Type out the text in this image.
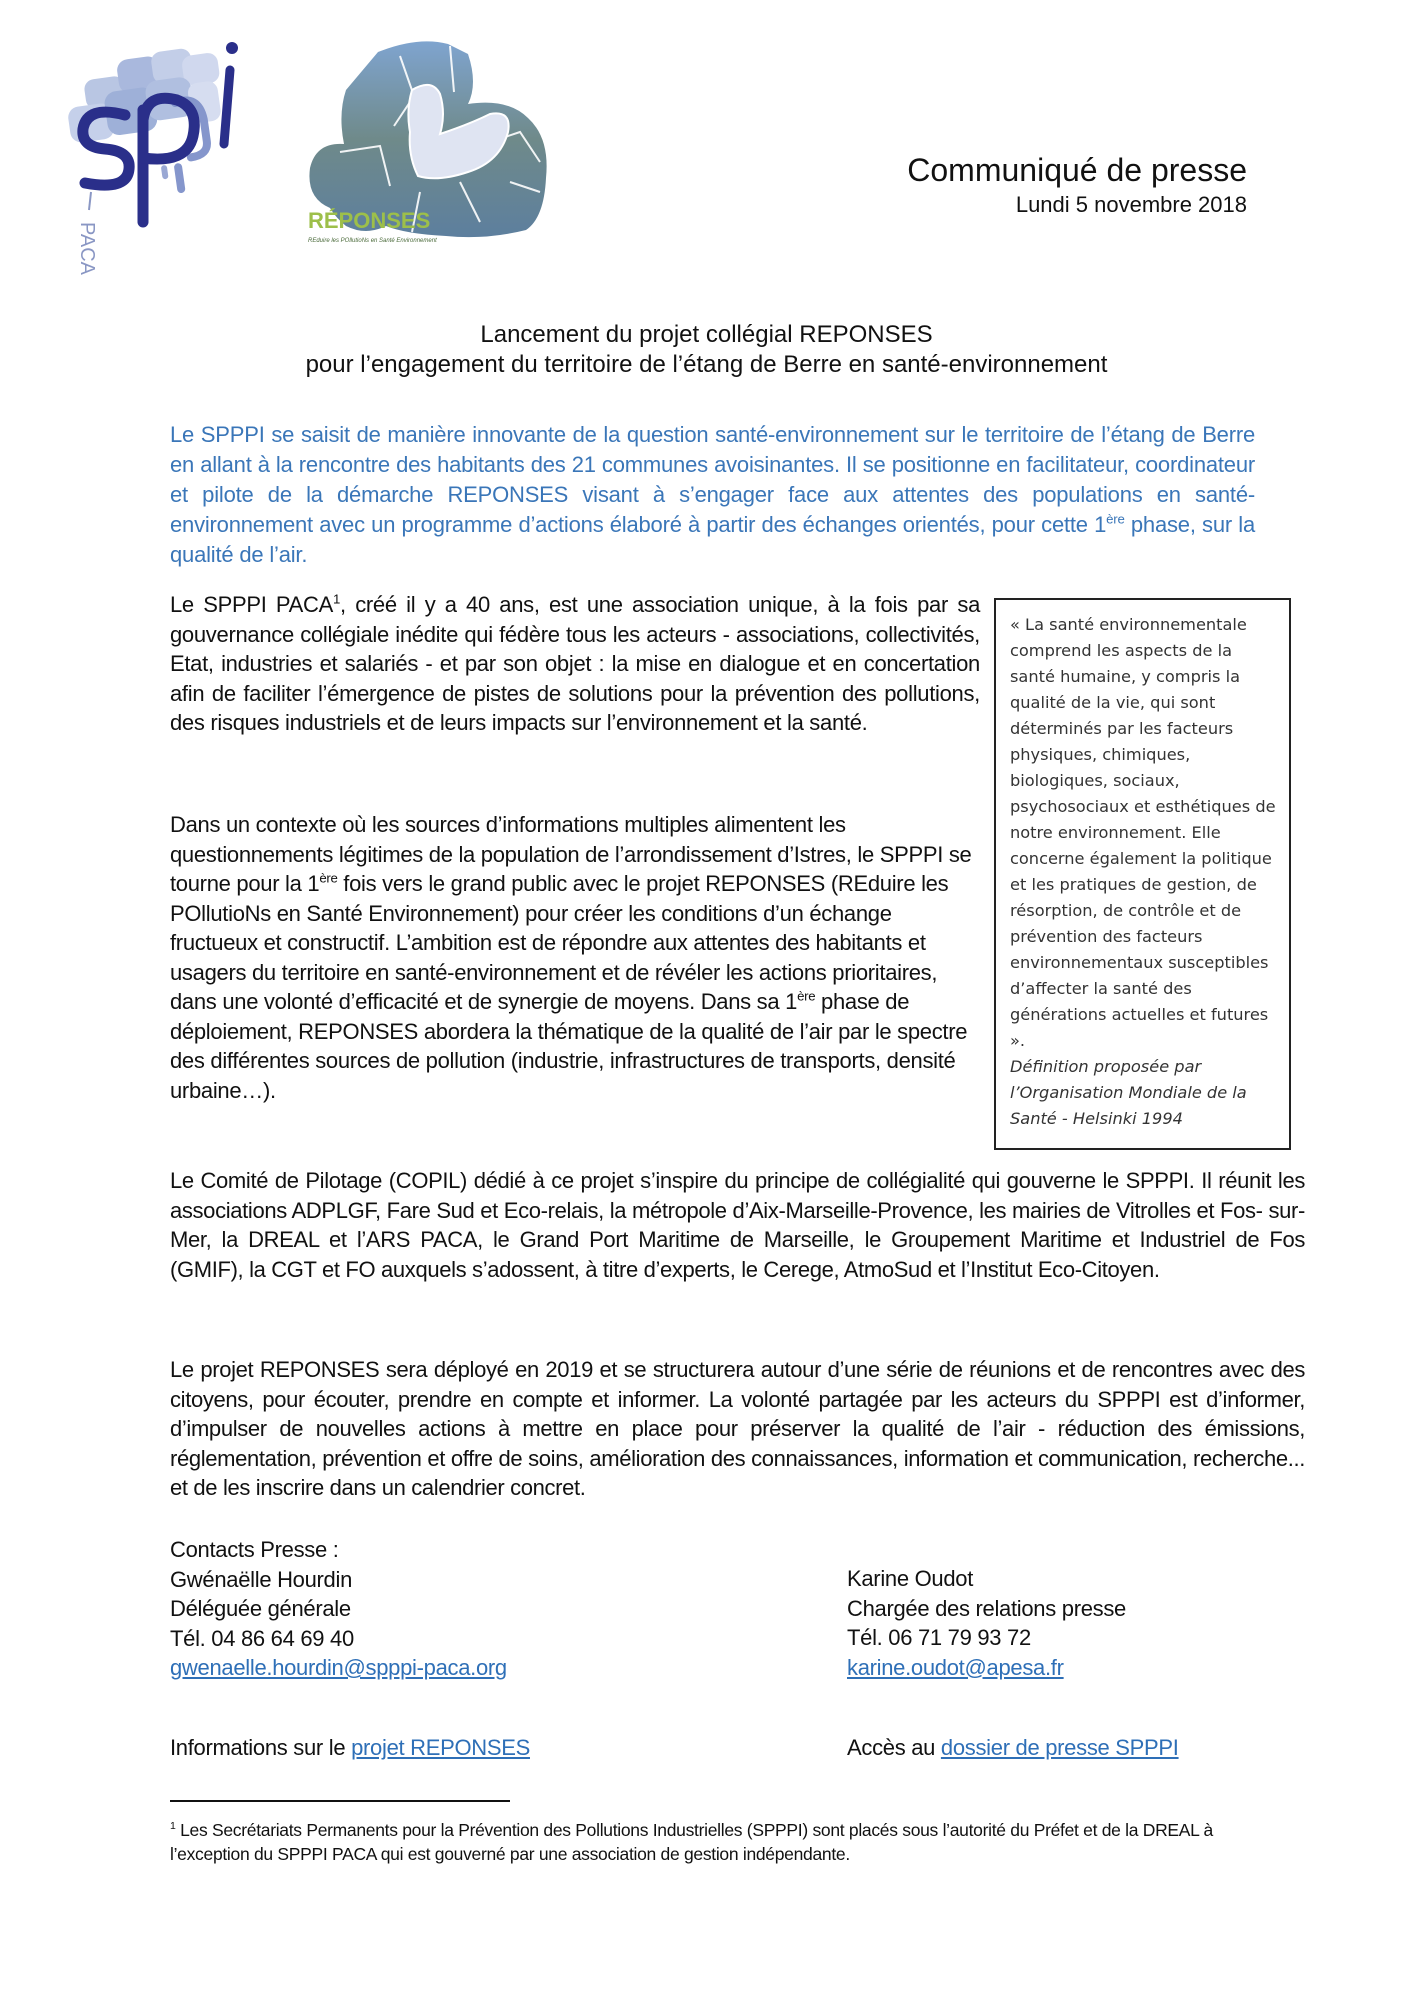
PACA
RÉPONSES
REduire les POllutioNs en Santé Environnement
Communiqué de presse
Lundi 5 novembre 2018
Lancement du projet collégial REPONSES
pour l’engagement du territoire de l’étang de Berre en santé-environnement
Le SPPPI se saisit de manière innovante de la question santé-environnement sur le territoire de l’étang de Berre en allant à la rencontre des habitants des 21 communes avoisinantes. Il se positionne en facilitateur, coordinateur et pilote de la démarche REPONSES visant à s’engager face aux attentes des populations en santé-environnement avec un programme d’actions élaboré à partir des échanges orientés, pour cette 1ère phase, sur la qualité de l’air.
Le SPPPI PACA$^1$, créé il y a 40 ans, est une association unique, à la fois par sa gouvernance collégiale inédite qui fédère tous les acteurs - associations, collectivités, Etat, industries et salariés - et par son objet : la mise en dialogue et en concertation afin de faciliter l’émergence de pistes de solutions pour la prévention des pollutions, des risques industriels et de leurs impacts sur l’environnement et la santé.
Dans un contexte où les sources d’informations multiples alimentent les questionnements légitimes de la population de l’arrondissement d’Istres, le SPPPI se tourne pour la 1ère fois vers le grand public avec le projet REPONSES (REduire les POllutioNs en Santé Environnement) pour créer les conditions d’un échange fructueux et constructif. L’ambition est de répondre aux attentes des habitants et usagers du territoire en santé-environnement et de révéler les actions prioritaires, dans une volonté d’efficacité et de synergie de moyens. Dans sa 1ère phase de déploiement, REPONSES abordera la thématique de la qualité de l’air par le spectre des différentes sources de pollution (industrie, infrastructures de transports, densité urbaine…).
« La santé environnementale comprend les aspects de la santé humaine, y compris la qualité de la vie, qui sont déterminés par les facteurs physiques, chimiques, biologiques, sociaux, psychosociaux et esthétiques de notre environnement. Elle concerne également la politique et les pratiques de gestion, de résorption, de contrôle et de prévention des facteurs environnementaux susceptibles d’affecter la santé des générations actuelles et futures ».
Définition proposée par l’Organisation Mondiale de la Santé - Helsinki 1994
Le Comité de Pilotage (COPIL) dédié à ce projet s’inspire du principe de collégialité qui gouverne le SPPPI. Il réunit les associations ADPLGF, Fare Sud et Eco-relais, la métropole d’Aix-Marseille-Provence, les mairies de Vitrolles et Fos- sur-Mer, la DREAL et l’ARS PACA, le Grand Port Maritime de Marseille, le Groupement Maritime et Industriel de Fos (GMIF), la CGT et FO auxquels s’adossent, à titre d’experts, le Cerege, AtmoSud et l’Institut Eco-Citoyen.
Le projet REPONSES sera déployé en 2019 et se structurera autour d’une série de réunions et de rencontres avec des citoyens, pour écouter, prendre en compte et informer. La volonté partagée par les acteurs du SPPPI est d’informer, d’impulser de nouvelles actions à mettre en place pour préserver la qualité de l’air - réduction des émissions, réglementation, prévention et offre de soins, amélioration des connaissances, information et communication, recherche... et de les inscrire dans un calendrier concret.
Contacts Presse :
Gwénaëlle Hourdin
Déléguée générale
Tél. 04 86 64 69 40
gwenaelle.hourdin@spppi-paca.org
Karine Oudot
Chargée des relations presse
Tél. 06 71 79 93 72
karine.oudot@apesa.fr
Informations sur le projet REPONSES	Accès au dossier de presse SPPPI
$^1$ Les Secrétariats Permanents pour la Prévention des Pollutions Industrielles (SPPPI) sont placés sous l’autorité du Préfet et de la DREAL à l’exception du SPPPI PACA qui est gouverné par une association de gestion indépendante.
